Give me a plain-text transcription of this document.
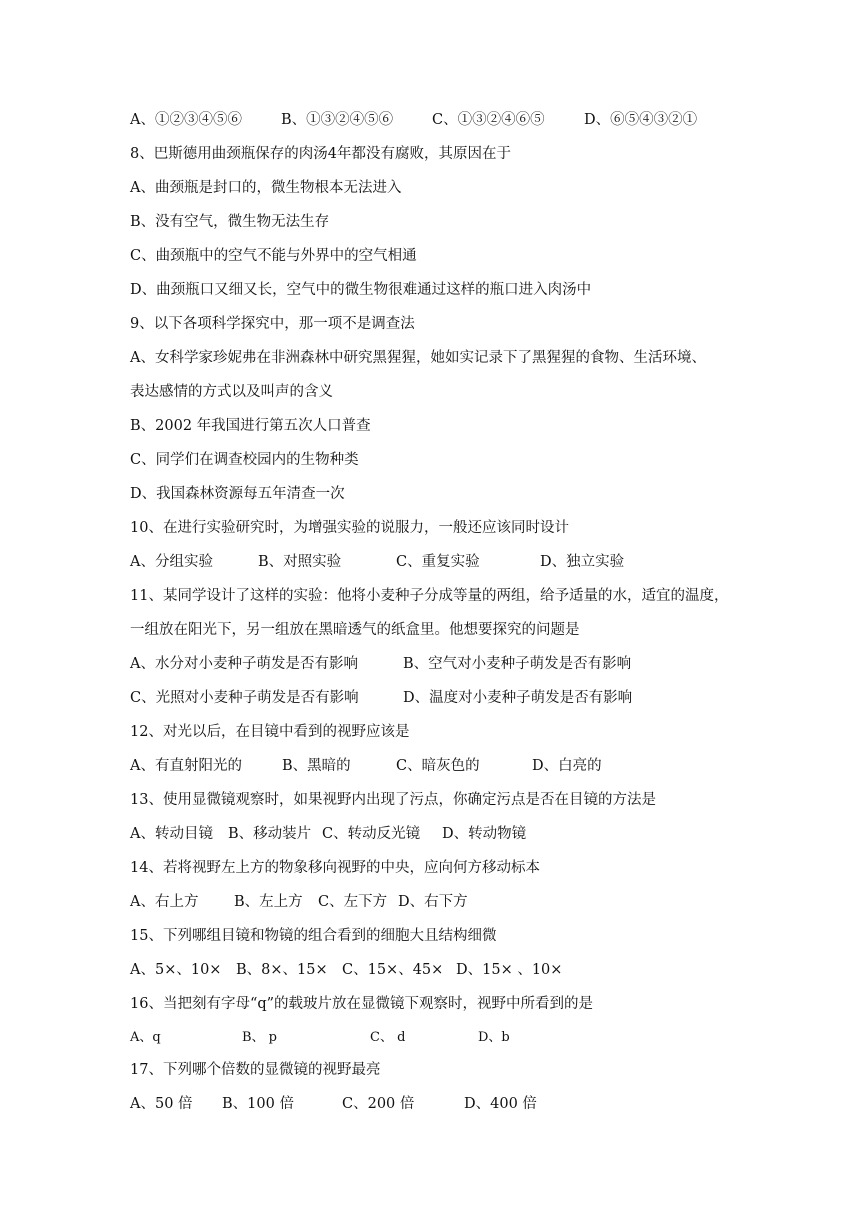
A、①②③④⑤⑥	B、①③②④⑤⑥	C、①③②④⑥⑤	D、⑥⑤④③②①
8、巴斯德用曲颈瓶保存的肉汤4年都没有腐败，其原因在于
A、曲颈瓶是封口的，微生物根本无法进入
B、没有空气，微生物无法生存
C、曲颈瓶中的空气不能与外界中的空气相通
D、曲颈瓶口又细又长，空气中的微生物很难通过这样的瓶口进入肉汤中
9、以下各项科学探究中，那一项不是调查法
A、女科学家珍妮弗在非洲森林中研究黑猩猩，她如实记录下了黑猩猩的食物、生活环境、
表达感情的方式以及叫声的含义
B、2002 年我国进行第五次人口普查
C、同学们在调查校园内的生物种类
D、我国森林资源每五年清查一次
10、在进行实验研究时，为增强实验的说服力，一般还应该同时设计
A、分组实验	B、对照实验	C、重复实验	D、独立实验
11、某同学设计了这样的实验：他将小麦种子分成等量的两组，给予适量的水，适宜的温度，
一组放在阳光下，另一组放在黑暗透气的纸盒里。他想要探究的问题是
A、水分对小麦种子萌发是否有影响	B、空气对小麦种子萌发是否有影响
C、光照对小麦种子萌发是否有影响	D、温度对小麦种子萌发是否有影响
12、对光以后，在目镜中看到的视野应该是
A、有直射阳光的	B、黑暗的	C、暗灰色的	D、白亮的
13、使用显微镜观察时，如果视野内出现了污点，你确定污点是否在目镜的方法是
A、转动目镜 B、移动装片 C、转动反光镜 D、转动物镜
14、若将视野左上方的物象移向视野的中央，应向何方移动标本
A、右上方 B、左上方 C、左下方 D、右下方
15、下列哪组目镜和物镜的组合看到的细胞大且结构细微
A、5×、10× B、8×、15× C、15×、45× D、15× 、10×
16、当把刻有字母“q”的载玻片放在显微镜下观察时，视野中所看到的是
A、q	B、 p	C、 d	D、b
17、下列哪个倍数的显微镜的视野最亮
A、50 倍 B、100 倍	C、200 倍	D、400 倍
